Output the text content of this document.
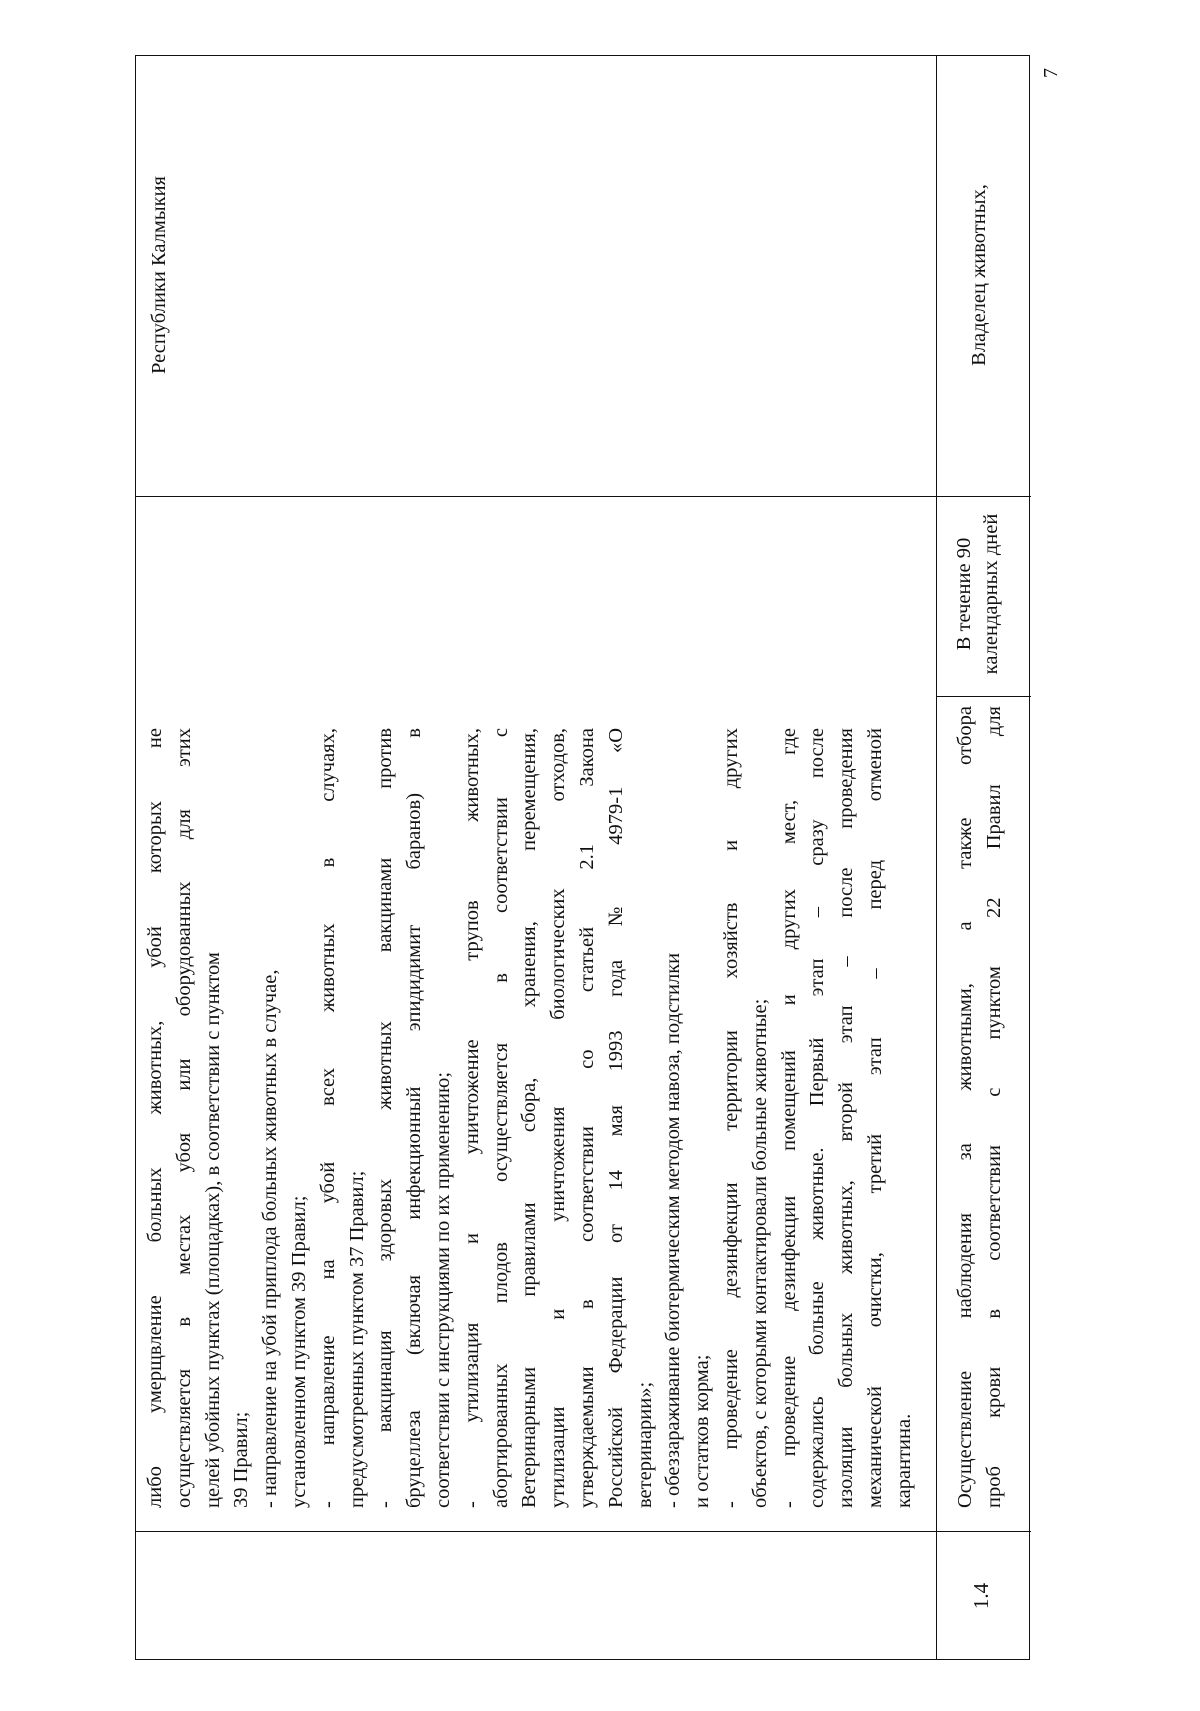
либо умерщвление больных животных, убой которых не осуществляется в местах убоя или оборудованных для этих целей убойных пунктах (площадках), в соответствии с пунктом 39 Правил; - направление на убой приплода больных животных в случае, установленном пунктом 39 Правил; - направление на убой всех животных в случаях, предусмотренных пунктом 37 Правил; - вакцинация здоровых животных вакцинами против бруцеллеза (включая инфекционный эпидидимит баранов) в соответствии с инструкциями по их применению; - утилизация и уничтожение трупов животных, абортированных плодов осуществляется в соответствии с Ветеринарными правилами сбора, хранения, перемещения, утилизации и уничтожения биологических отходов, утверждаемыми в соответствии со статьей 2.1 Закона Российской Федерации от 14 мая 1993 года № 4979-1 «О ветеринарии»; - обеззараживание биотермическим методом навоза, подстилки и остатков корма; - проведение дезинфекции территории хозяйств и других объектов, с которыми контактировали больные животные; - проведение дезинфекции помещений и других мест, где содержались больные животные. Первый этап – сразу после изоляции больных животных, второй этап – после проведения механической очистки, третий этап – перед отменой карантина.
Республики Калмыкия
1.4
Осуществление наблюдения за животными, а также отбора проб крови в соответствии с пунктом 22 Правил для
В течение 90 календарных дней
Владелец животных,
7
